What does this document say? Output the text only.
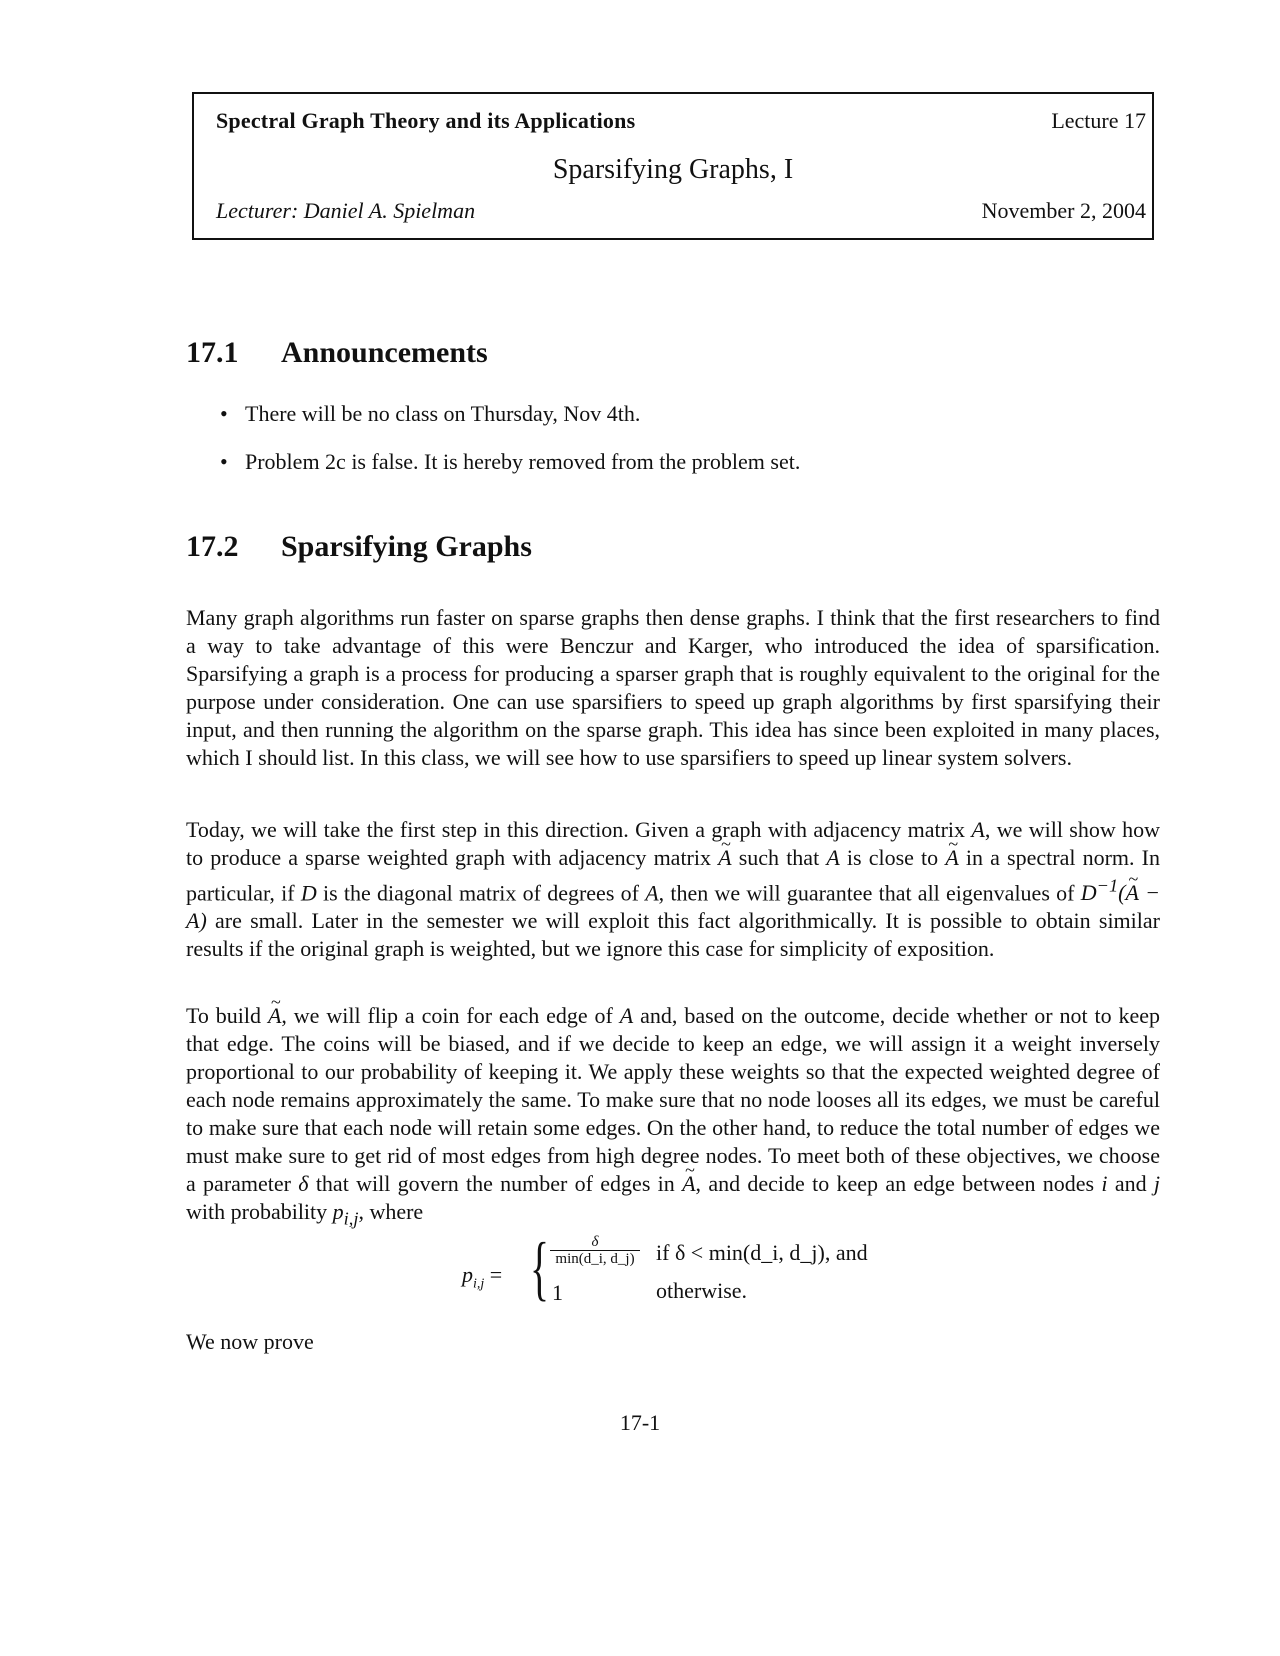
Spectral Graph Theory and its Applications	Lecture 17
Sparsifying Graphs, I
Lecturer: Daniel A. Spielman	November 2, 2004
17.1 Announcements
• There will be no class on Thursday, Nov 4th.
• Problem 2c is false. It is hereby removed from the problem set.
17.2 Sparsifying Graphs

Many graph algorithms run faster on sparse graphs then dense graphs. I think that the first researchers to find a way to take advantage of this were Benczur and Karger, who introduced the idea of sparsification. Sparsifying a graph is a process for producing a sparser graph that is roughly equivalent to the original for the purpose under consideration. One can use sparsifiers to speed up graph algorithms by first sparsifying their input, and then running the algorithm on the sparse graph. This idea has since been exploited in many places, which I should list. In this class, we will see how to use sparsifiers to speed up linear system solvers.

Today, we will take the first step in this direction. Given a graph with adjacency matrix A, we will show how to produce a sparse weighted graph with adjacency matrix ~ A such that A is close to ~ A in a spectral norm. In particular, if D is the diagonal matrix of degrees of A, then we will guarantee that all eigenvalues of $D^{-1}(\sim$ A − A) are small. Later in the semester we will exploit this fact algorithmically. It is possible to obtain similar results if the original graph is weighted, but we ignore this case for simplicity of exposition.

To build ~ A, we will flip a coin for each edge of A and, based on the outcome, decide whether or not to keep that edge. The coins will be biased, and if we decide to keep an edge, we will assign it a weight inversely proportional to our probability of keeping it. We apply these weights so that the expected weighted degree of each node remains approximately the same. To make sure that no node looses all its edges, we must be careful to make sure that each node will retain some edges. On the other hand, to reduce the total number of edges we must make sure to get rid of most edges from high degree nodes. To meet both of these objectives, we choose a parameter δ that will govern the number of edges in ~ A, and decide to keep an edge between nodes i and j with probability $p_{i,j}$, where

$p_{i,j}$ = {	δ
min(d_i, d_j)
1
if δ < min(d_i, d_j), and
otherwise.

We now prove

17-1
